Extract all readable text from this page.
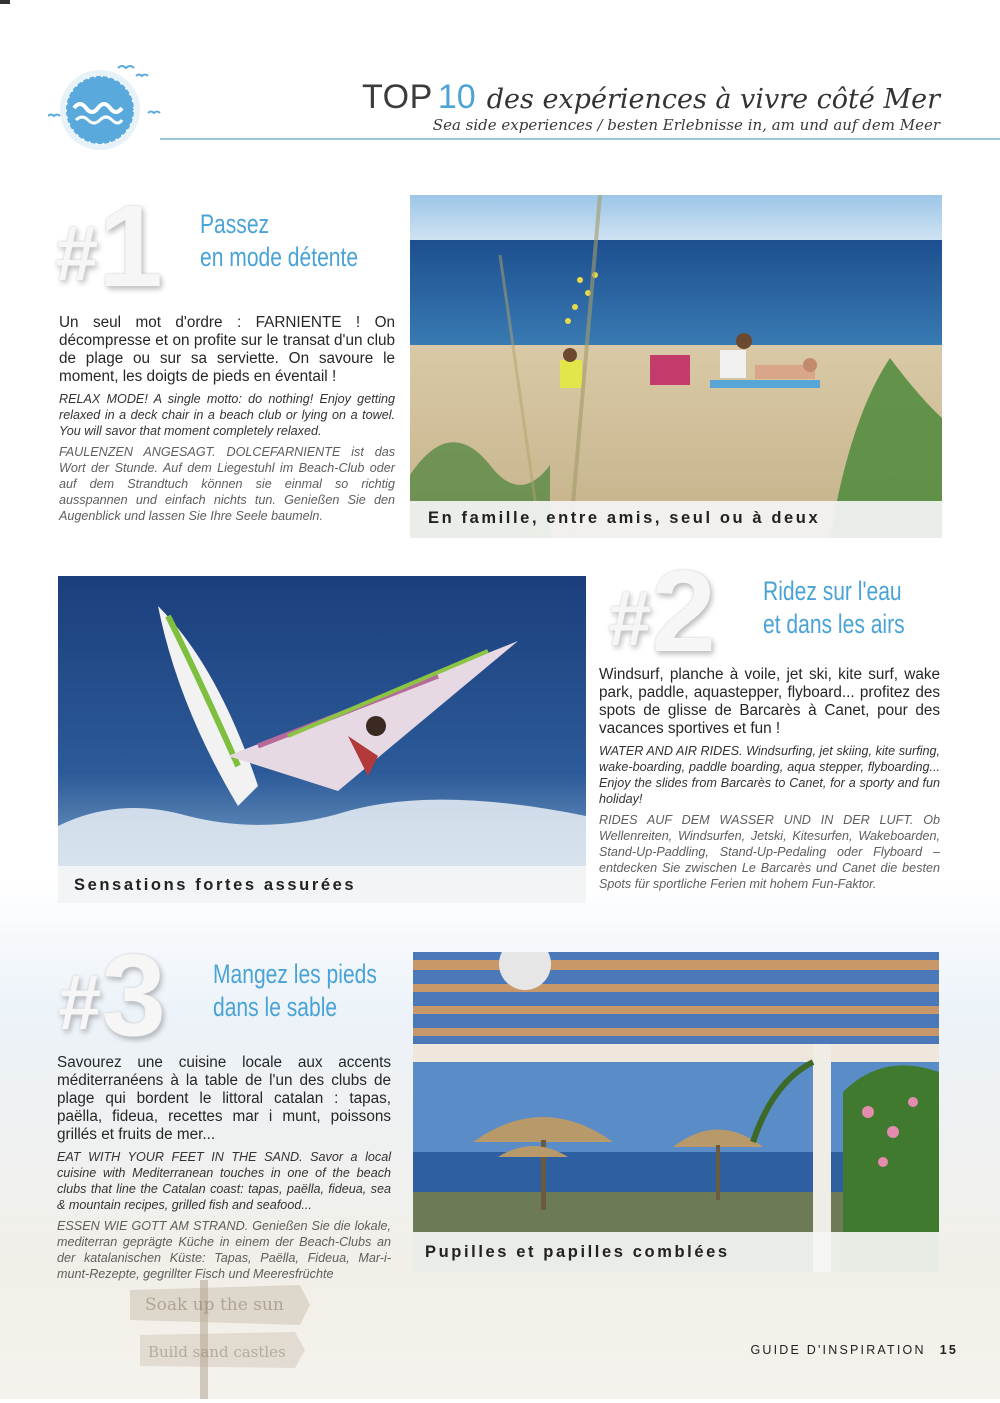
Soak up the sun
Build sand castles
TOP 10 des expériences à vivre côté Mer
Sea side experiences / besten Erlebnisse in, am und auf dem Meer
#1 Passez
en mode détente

Un seul mot d'ordre : FARNIENTE ! On décompresse et on profite sur le transat d'un club de plage ou sur sa serviette. On savoure le moment, les doigts de pieds en éventail !

RELAX MODE! A single motto: do nothing! Enjoy getting relaxed in a deck chair in a beach club or lying on a towel. You will savor that moment completely relaxed.

FAULENZEN ANGESAGT. DOLCEFARNIENTE ist das Wort der Stunde. Auf dem Liegestuhl im Beach-Club oder auf dem Strandtuch können sie einmal so richtig ausspannen und einfach nichts tun. Genießen Sie den Augenblick und lassen Sie Ihre Seele baumeln.	En famille, entre amis, seul ou à deux
Sensations fortes assurées
#2 Ridez sur l'eau
et dans les airs

Windsurf, planche à voile, jet ski, kite surf, wake park, paddle, aquastepper, flyboard... profitez des spots de glisse de Barcarès à Canet, pour des vacances sportives et fun !

WATER AND AIR RIDES. Windsurfing, jet skiing, kite surfing, wake-boarding, paddle boarding, aqua stepper, flyboarding... Enjoy the slides from Barcarès to Canet, for a sporty and fun holiday!

RIDES AUF DEM WASSER UND IN DER LUFT. Ob Wellenreiten, Windsurfen, Jetski, Kitesurfen, Wakeboarden, Stand-Up-Paddling, Stand-Up-Pedaling oder Flyboard – entdecken Sie zwischen Le Barcarès und Canet die besten Spots für sportliche Ferien mit hohem Fun-Faktor.

#3 Mangez les pieds
dans le sable

Savourez une cuisine locale aux accents méditerranéens à la table de l'un des clubs de plage qui bordent le littoral catalan : tapas, paëlla, fideua, recettes mar i munt, poissons grillés et fruits de mer...

EAT WITH YOUR FEET IN THE SAND. Savor a local cuisine with Mediterranean touches in one of the beach clubs that line the Catalan coast: tapas, paëlla, fideua, sea & mountain recipes, grilled fish and seafood...

ESSEN WIE GOTT AM STRAND. Genießen Sie die lokale, mediterran geprägte Küche in einem der Beach-Clubs an der katalanischen Küste: Tapas, Paëlla, Fideua, Mar-i-munt-Rezepte, gegrillter Fisch und Meeresfrüchte

Pupilles et papilles comblées
GUIDE D'INSPIRATION 15
